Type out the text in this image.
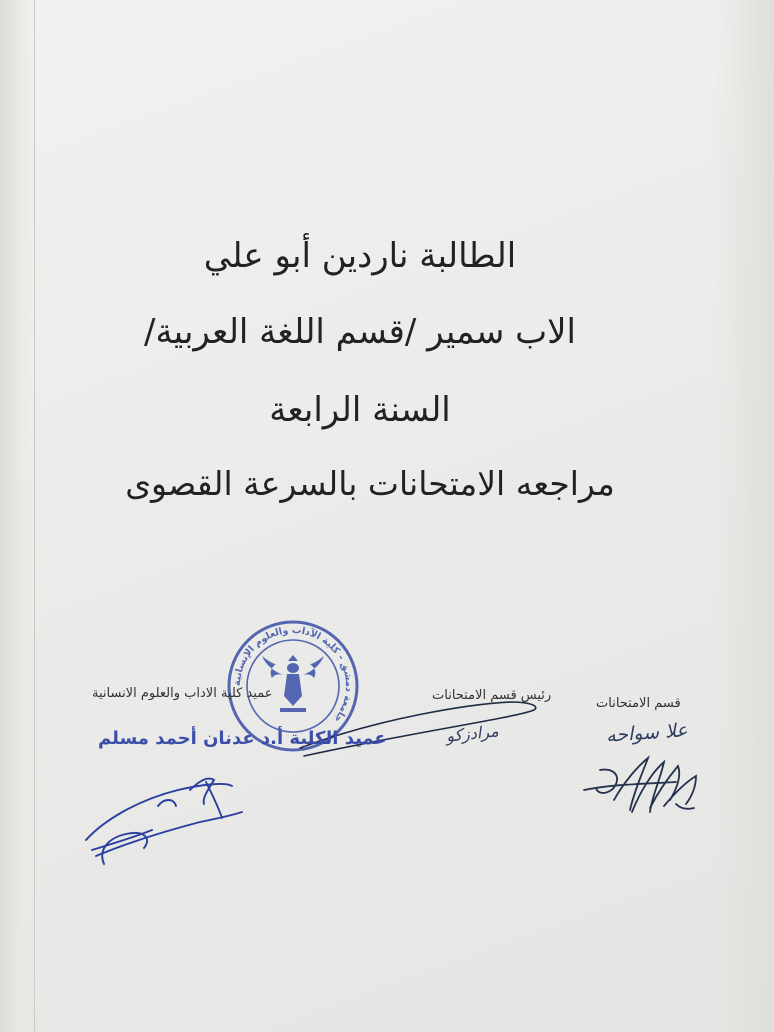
الطالبة ناردين أبو علي

الاب سمير /قسم اللغة العربية/

السنة الرابعة

مراجعه الامتحانات بالسرعة القصوى

جامعة دمشق - كلية الآداب والعلوم الإنسانية
قسم الامتحانات
رئيس قسم الامتحانات
عميد كلية الاداب والعلوم الانسانية
علا سواحه
مرادزكو
عميد الكلية أ.د عدنان أحمد مسلم
